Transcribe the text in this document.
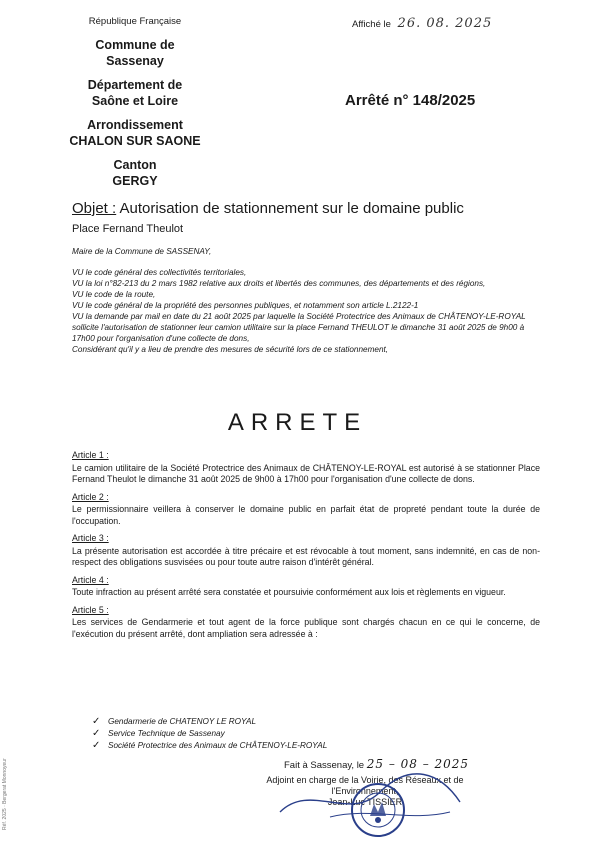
République Française
Commune de
Sassenay
Département de
Saône et Loire
Arrondissement
CHALON SUR SAONE
Canton
GERGY
Affiché le 26. 08. 2025
Arrêté n° 148/2025
Objet : Autorisation de stationnement sur le domaine public
Place Fernand Theulot
Maire de la Commune de SASSENAY,
VU le code général des collectivités territoriales,
VU la loi n°82-213 du 2 mars 1982 relative aux droits et libertés des communes, des départements et des régions,
VU le code de la route,
VU le code général de la propriété des personnes publiques, et notamment son article L.2122-1
VU la demande par mail en date du 21 août 2025 par laquelle la Société Protectrice des Animaux de CHÂTENOY-LE-ROYAL sollicite l'autorisation de stationner leur camion utilitaire sur la place Fernand THEULOT le dimanche 31 août 2025 de 9h00 à 17h00 pour l'organisation d'une collecte de dons,
Considérant qu'il y a lieu de prendre des mesures de sécurité lors de ce stationnement,
ARRETE
Article 1 :
Le camion utilitaire de la Société Protectrice des Animaux de CHÂTENOY-LE-ROYAL est autorisé à se stationner Place Fernand Theulot le dimanche 31 août 2025 de 9h00 à 17h00 pour l'organisation d'une collecte de dons.
Article 2 :
Le permissionnaire veillera à conserver le domaine public en parfait état de propreté pendant toute la durée de l'occupation.
Article 3 :
La présente autorisation est accordée à titre précaire et est révocable à tout moment, sans indemnité, en cas de non-respect des obligations susvisées ou pour toute autre raison d'intérêt général.
Article 4 :
Toute infraction au présent arrêté sera constatée et poursuivie conformément aux lois et règlements en vigueur.
Article 5 :
Les services de Gendarmerie et tout agent de la force publique sont chargés chacun en ce qui le concerne, de l'exécution du présent arrêté, dont ampliation sera adressée à :
✓ Gendarmerie de CHATENOY LE ROYAL
✓ Service Technique de Sassenay
✓ Société Protectrice des Animaux de CHÂTENOY-LE-ROYAL
Fait à Sassenay, le 25 – 08 – 2025
Adjoint en charge de la Voirie, des Réseaux et de l'Environnement,
Jean-Luc TISSIER
Réf. 2025 · Bergerat Monnoyeur
